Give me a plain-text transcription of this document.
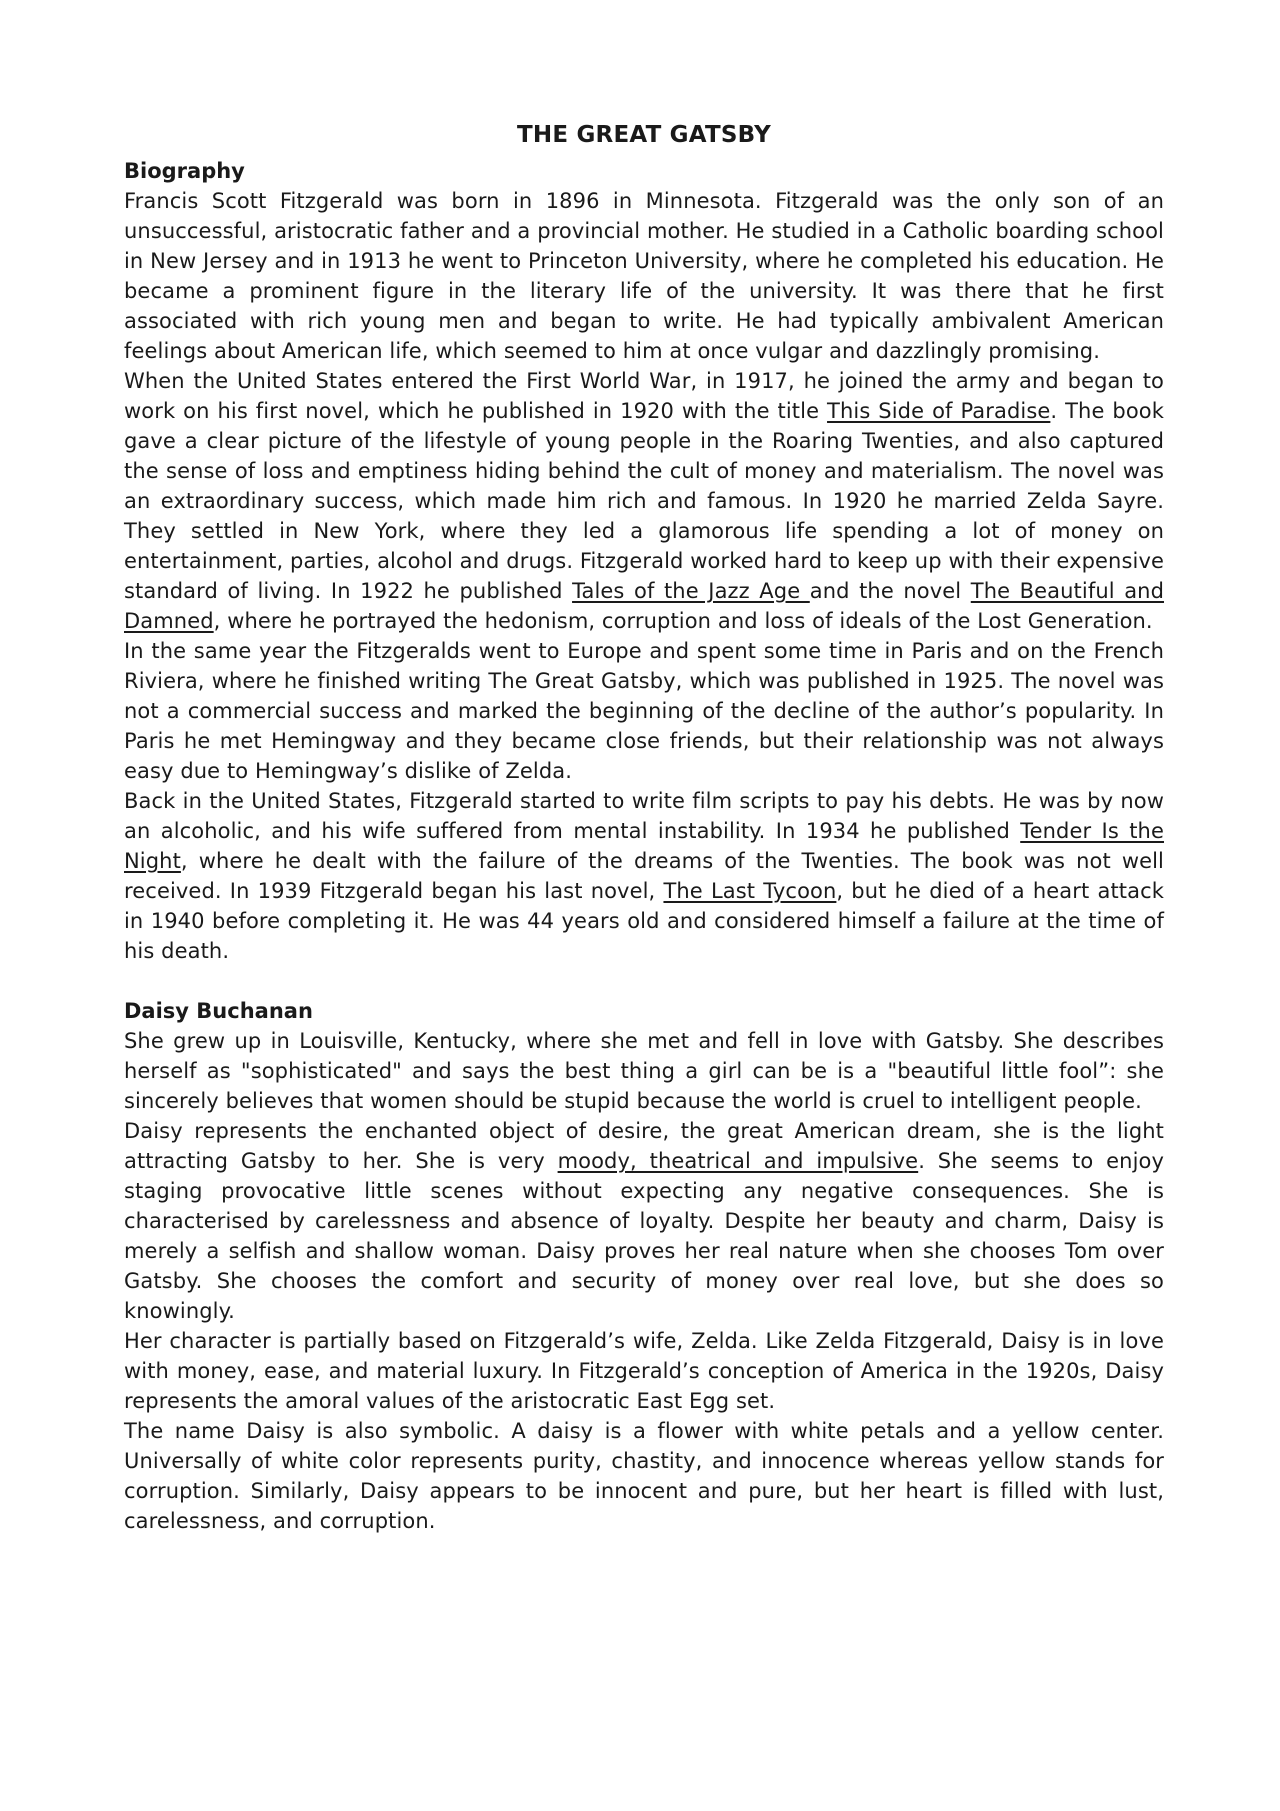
THE GREAT GATSBY
Biography

Francis Scott Fitzgerald was born in 1896 in Minnesota. Fitzgerald was the only son of an unsuccessful, aristocratic father and a provincial mother. He studied in a Catholic boarding school in New Jersey and in 1913 he went to Princeton University, where he completed his education. He became a prominent figure in the literary life of the university. It was there that he first associated with rich young men and began to write. He had typically ambivalent American feelings about American life, which seemed to him at once vulgar and dazzlingly promising.

When the United States entered the First World War, in 1917, he joined the army and began to work on his first novel, which he published in 1920 with the title This Side of Paradise. The book gave a clear picture of the lifestyle of young people in the Roaring Twenties, and also captured the sense of loss and emptiness hiding behind the cult of money and materialism. The novel was an extraordinary success, which made him rich and famous. In 1920 he married Zelda Sayre. They settled in New York, where they led a glamorous life spending a lot of money on entertainment, parties, alcohol and drugs. Fitzgerald worked hard to keep up with their expensive standard of living. In 1922 he published Tales of the Jazz Age and the novel The Beautiful and Damned, where he portrayed the hedonism, corruption and loss of ideals of the Lost Generation.

In the same year the Fitzgeralds went to Europe and spent some time in Paris and on the French Riviera, where he finished writing The Great Gatsby, which was published in 1925. The novel was not a commercial success and marked the beginning of the decline of the author’s popularity. In Paris he met Hemingway and they became close friends, but their relationship was not always easy due to Hemingway’s dislike of Zelda.

Back in the United States, Fitzgerald started to write film scripts to pay his debts. He was by now an alcoholic, and his wife suffered from mental instability. In 1934 he published Tender Is the Night, where he dealt with the failure of the dreams of the Twenties. The book was not well received. In 1939 Fitzgerald began his last novel, The Last Tycoon, but he died of a heart attack in 1940 before completing it. He was 44 years old and considered himself a failure at the time of his death.

Daisy Buchanan

She grew up in Louisville, Kentucky, where she met and fell in love with Gatsby. She describes herself as "sophisticated" and says the best thing a girl can be is a "beautiful little fool”: she sincerely believes that women should be stupid because the world is cruel to intelligent people.

Daisy represents the enchanted object of desire, the great American dream, she is the light attracting Gatsby to her. She is very moody, theatrical and impulsive. She seems to enjoy staging provocative little scenes without expecting any negative consequences. She is characterised by carelessness and absence of loyalty. Despite her beauty and charm, Daisy is merely a selfish and shallow woman. Daisy proves her real nature when she chooses Tom over Gatsby. She chooses the comfort and security of money over real love, but she does so knowingly.

Her character is partially based on Fitzgerald’s wife, Zelda. Like Zelda Fitzgerald, Daisy is in love with money, ease, and material luxury. In Fitzgerald’s conception of America in the 1920s, Daisy represents the amoral values of the aristocratic East Egg set.

The name Daisy is also symbolic. A daisy is a flower with white petals and a yellow center. Universally of white color represents purity, chastity, and innocence whereas yellow stands for corruption. Similarly, Daisy appears to be innocent and pure, but her heart is filled with lust, carelessness, and corruption.
